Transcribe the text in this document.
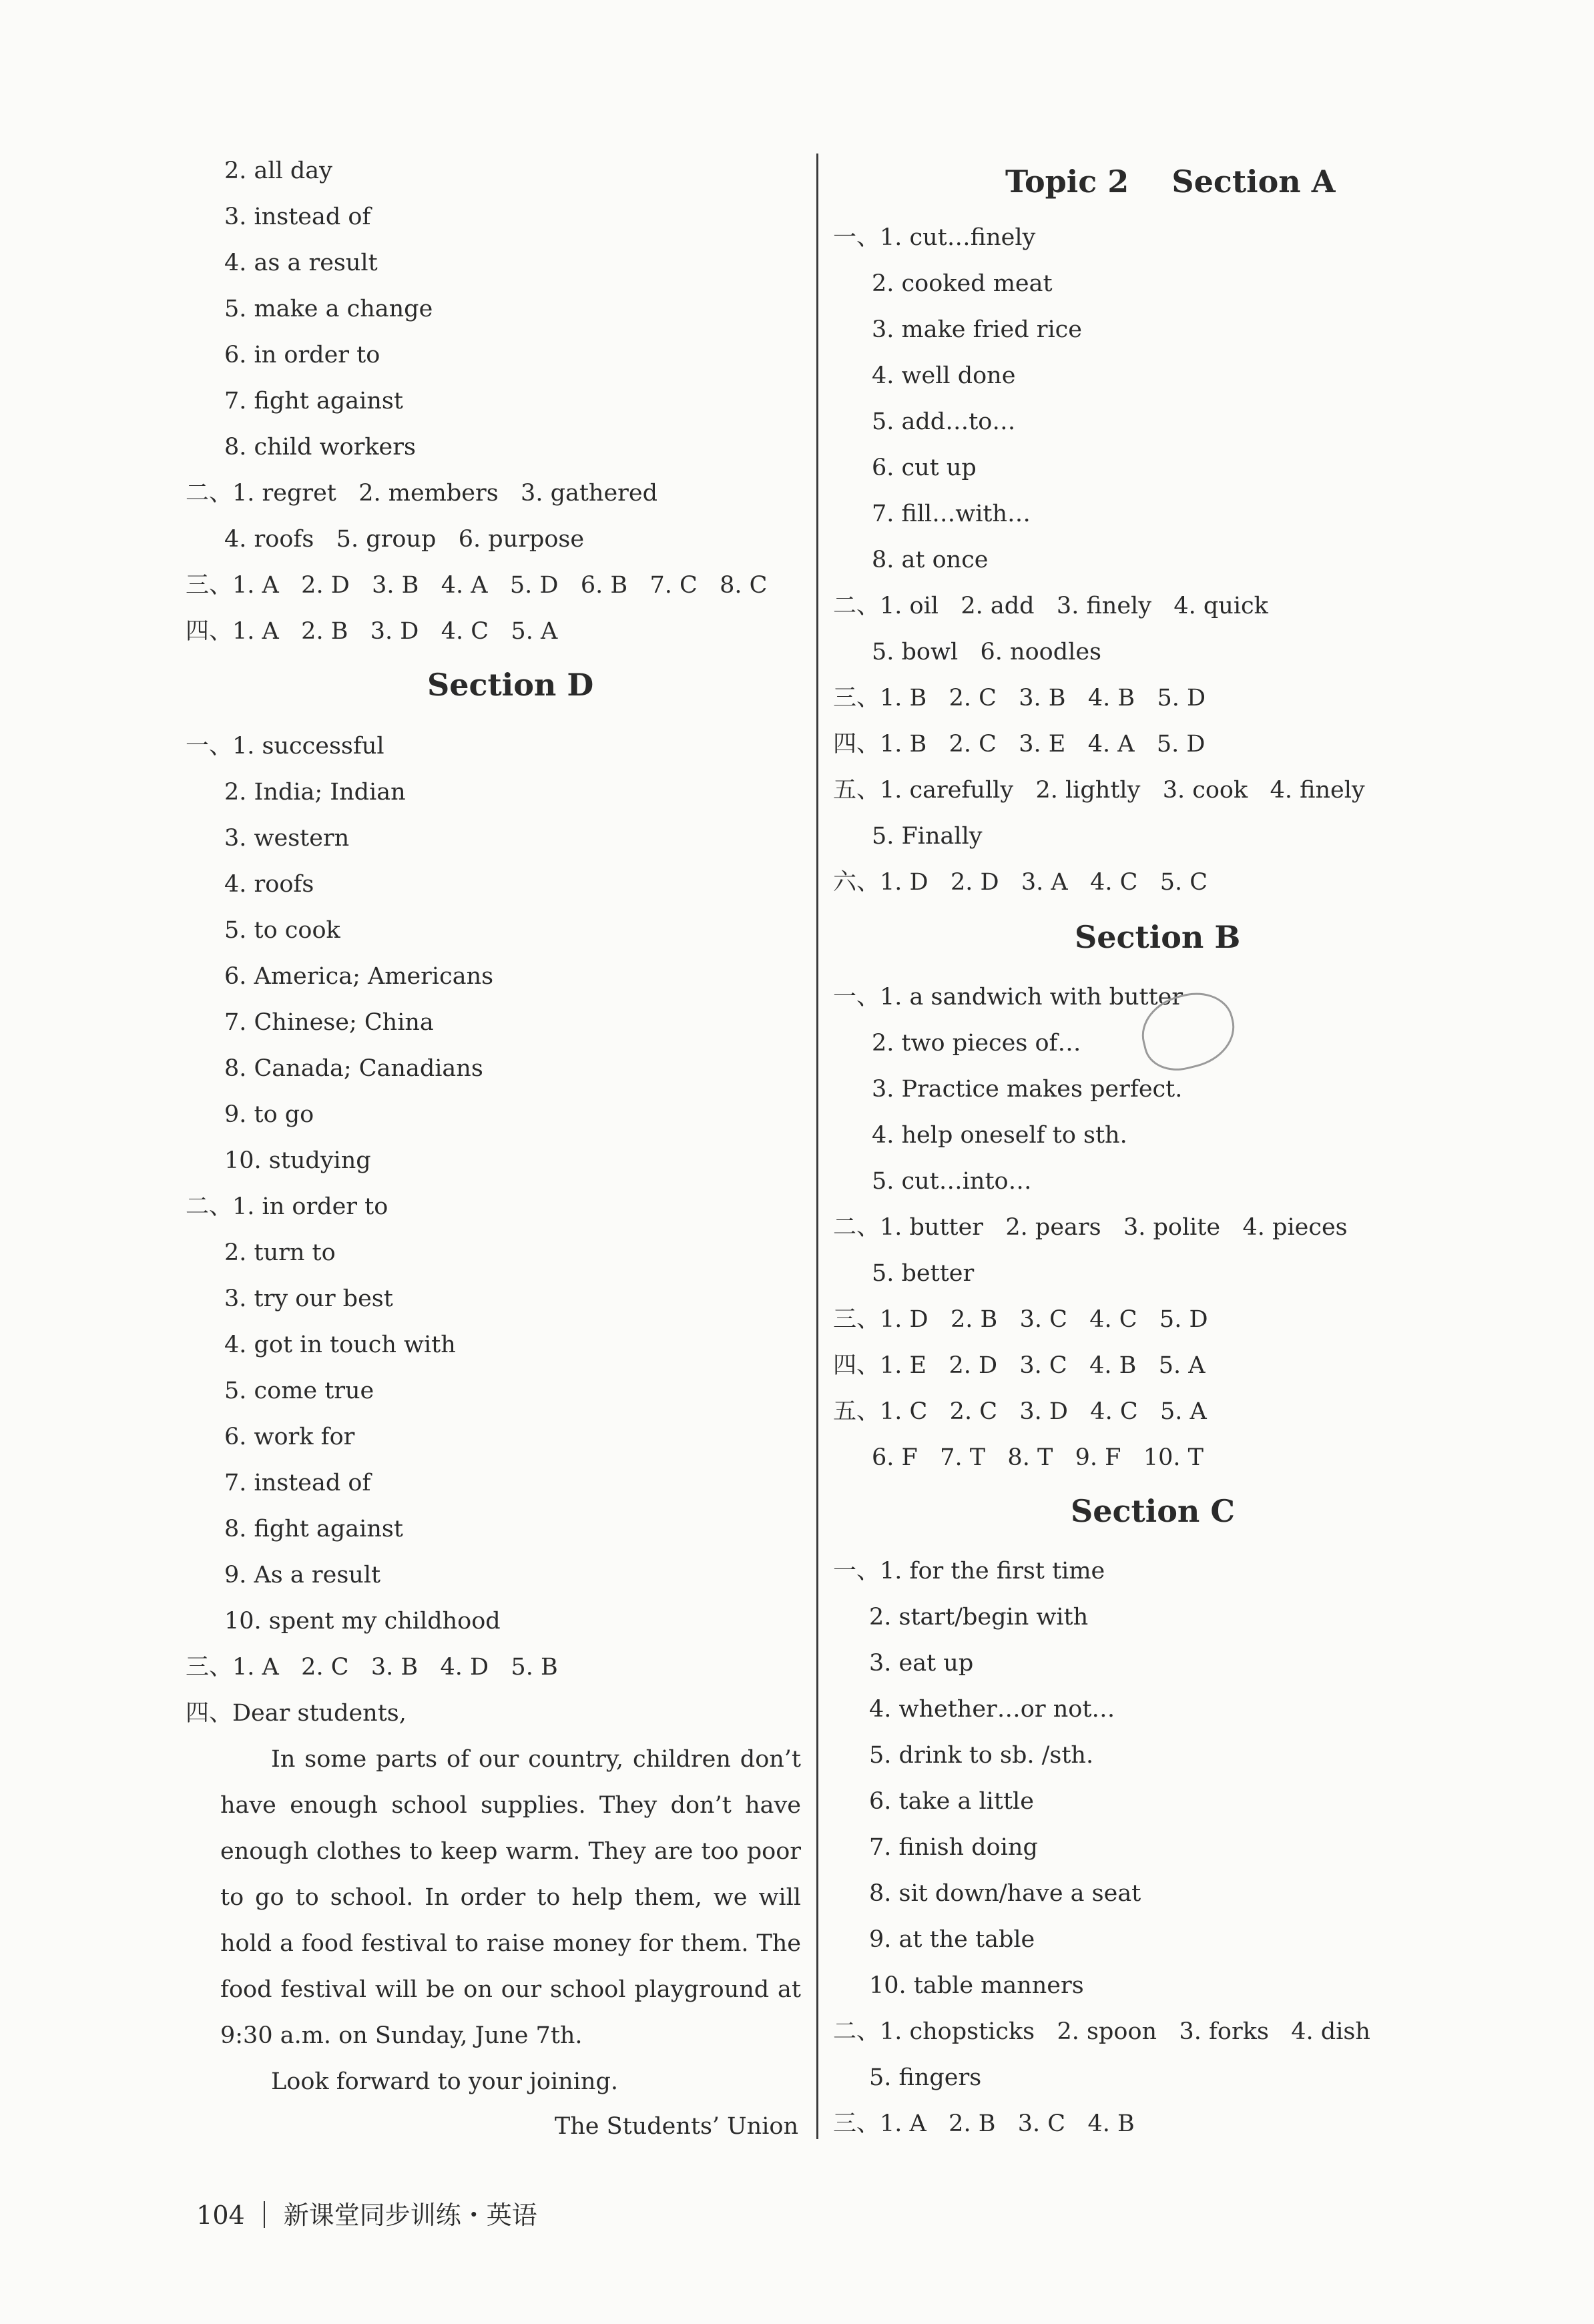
2. all day
3. instead of
4. as a result
5. make a change
6. in order to
7. fight against
8. child workers
二、1. regret   2. members   3. gathered
4. roofs   5. group   6. purpose
三、1. A   2. D   3. B   4. A   5. D   6. B   7. C   8. C
四、1. A   2. B   3. D   4. C   5. A
Section D
一、1. successful
2. India; Indian
3. western
4. roofs
5. to cook
6. America; Americans
7. Chinese; China
8. Canada; Canadians
9. to go
10. studying
二、1. in order to
2. turn to
3. try our best
4. got in touch with
5. come true
6. work for
7. instead of
8. fight against
9. As a result
10. spent my childhood
三、1. A   2. C   3. B   4. D   5. B
四、Dear students,

In some parts of our country, children don’t have enough school supplies. They don’t have enough clothes to keep warm. They are too poor to go to school. In order to help them, we will hold a food festival to raise money for them. The food festival will be on our school playground at 9:30 a.m. on Sunday, June 7th.

Look forward to your joining.

The Students’ Union
Topic 2    Section A
一、1. cut…finely
2. cooked meat
3. make fried rice
4. well done
5. add…to…
6. cut up
7. fill…with…
8. at once
二、1. oil   2. add   3. finely   4. quick
5. bowl   6. noodles
三、1. B   2. C   3. B   4. B   5. D
四、1. B   2. C   3. E   4. A   5. D
五、1. carefully   2. lightly   3. cook   4. finely
5. Finally
六、1. D   2. D   3. A   4. C   5. C
Section B
一、1. a sandwich with butter
2. two pieces of…
3. Practice makes perfect.
4. help oneself to sth.
5. cut…into…
二、1. butter   2. pears   3. polite   4. pieces
5. better
三、1. D   2. B   3. C   4. C   5. D
四、1. E   2. D   3. C   4. B   5. A
五、1. C   2. C   3. D   4. C   5. A
6. F   7. T   8. T   9. F   10. T
Section C
一、1. for the first time
2. start/begin with
3. eat up
4. whether…or not…
5. drink to sb. /sth.
6. take a little
7. finish doing
8. sit down/have a seat
9. at the table
10. table manners
二、1. chopsticks   2. spoon   3. forks   4. dish
5. fingers
三、1. A   2. B   3. C   4. B

104 新课堂同步训练・英语
